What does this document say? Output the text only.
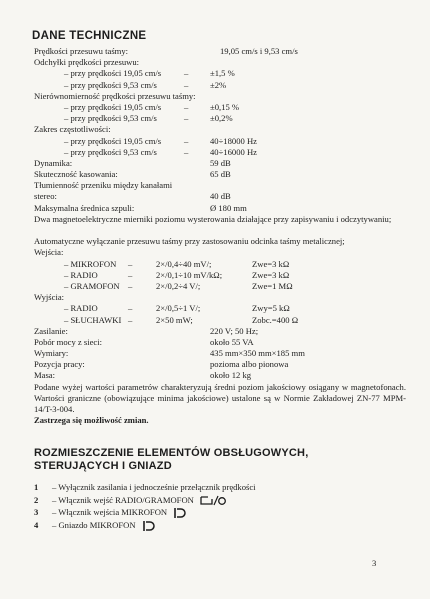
DANE TECHNICZNE
Prędkości przesuwu taśmy:	19,05 cm/s i 9,53 cm/s
Odchyłki prędkości przesuwu:
– przy prędkości 19,05 cm/s	–	±1,5 %
– przy prędkości 9,53 cm/s	–	±2%
Nierównomierność prędkości przesuwu taśmy:
– przy prędkości 19,05 cm/s	–	±0,15 %
– przy prędkości 9,53 cm/s	–	±0,2%
Zakres częstotliwości:
– przy prędkości 19,05 cm/s	–	40÷18000 Hz
– przy prędkości 9,53 cm/s	–	40÷16000 Hz
Dynamika:	59 dB
Skuteczność kasowania:	65 dB
Tłumienność przeniku między kanałami
stereo:	40 dB
Maksymalna średnica szpuli:	Ø 180 mm
Dwa magnetoelektryczne mierniki poziomu wysterowania działające przy zapisywaniu i odczytywaniu;
Automatyczne wyłączanie przesuwu taśmy przy zastosowaniu odcinka taśmy metalicznej;
Wejścia:
– MIKROFON –	2×/0,4÷40 mV/;	Zwe=3 kΩ
– RADIO	–	2×/0,1÷10 mV/kΩ;	Zwe=3 kΩ
– GRAMOFON –	2×/0,2÷4 V/;	Zwe=1 MΩ
Wyjścia:
– RADIO	–	2×/0,5÷1 V/;	Zwy=5 kΩ
– SŁUCHAWKI –	2×50 mW;	Zobc.=400 Ω
Zasilanie:	220 V; 50 Hz;
Pobór mocy z sieci:	około 55 VA
Wymiary:	435 mm×350 mm×185 mm
Pozycja pracy:	pozioma albo pionowa
Masa:	około 12 kg
Podane wyżej wartości parametrów charakteryzują średni poziom jakościowy osiągany w magnetofonach. Wartości graniczne (obowiązujące minima jakościowe) ustalone są w Normie Zakładowej ZN-77 MPM-14/T-3-004.
Zastrzega się możliwość zmian.
ROZMIESZCZENIE ELEMENTÓW OBSŁUGOWYCH,
STERUJĄCYCH I GNIAZD
1 – Wyłącznik zasilania i jednocześnie przełącznik prędkości
2 – Włącznik wejść RADIO/GRAMOFON
3 – Włącznik wejścia MIKROFON
4 – Gniazdo MIKROFON
3
